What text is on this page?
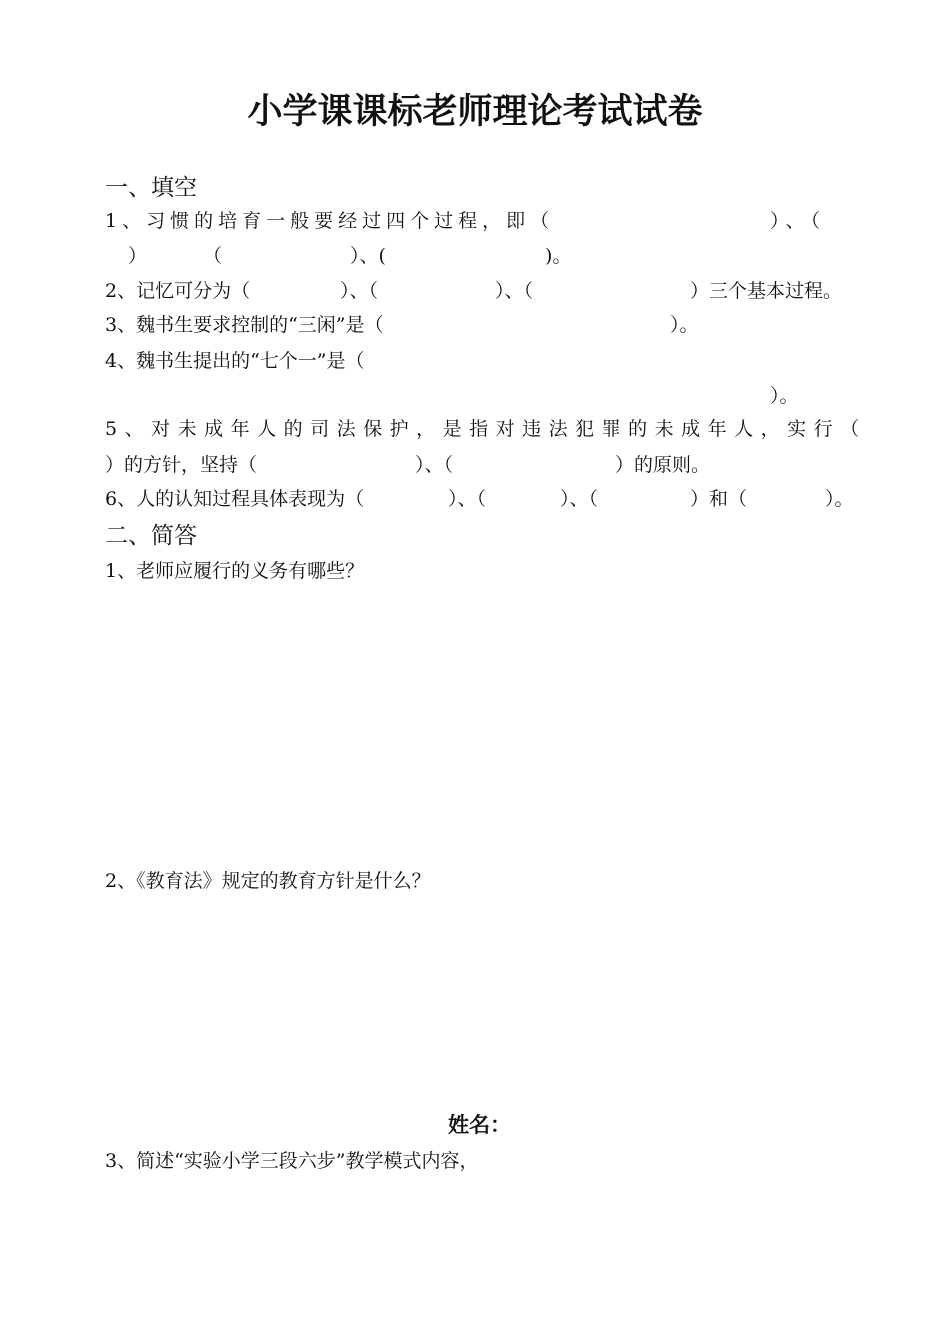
小学课课标老师理论考试试卷
一、填空
1、习惯的培育一般要经过四个过程，即（	）、（
）	（	）、(	)。
2、记忆可分为（	）、（	）、（	）三个基本过程。
3、魏书生要求控制的“三闲”是（	）。
4、魏书生提出的“七个一”是（
）。
5、对未成年人的司法保护，是指对违法犯罪的未成年人，实行（
）的方针，坚持（	）、（	）的原则。
6、人的认知过程具体表现为（	）、（	）、（	）和（	）。
二、简答
1、老师应履行的义务有哪些？
2、《教育法》规定的教育方针是什么？
姓名：
3、简述“实验小学三段六步”教学模式内容，
